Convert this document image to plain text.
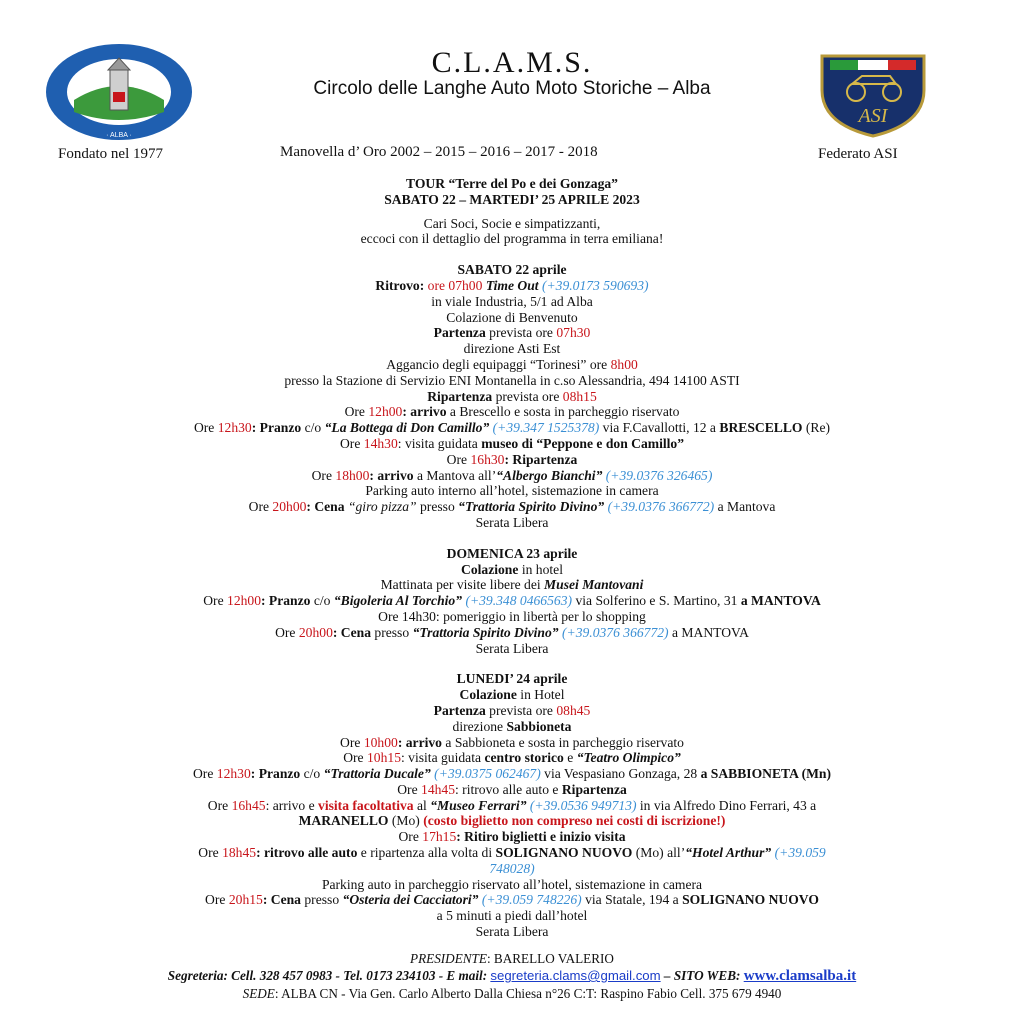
· ALBA ·
C.L.A.M.S.
Circolo delle Langhe Auto Moto Storiche – Alba
ASI
Fondato nel 1977	Manovella d’ Oro 2002 – 2015 – 2016 – 2017 - 2018	Federato ASI

TOUR “Terre del Po e dei Gonzaga”

SABATO 22 – MARTEDI’ 25 APRILE 2023

Cari Soci, Socie e simpatizzanti,

eccoci con il dettaglio del programma in terra emiliana!

SABATO 22 aprile

Ritrovo: ore 07h00 Time Out (+39.0173 590693)

in viale Industria, 5/1 ad Alba

Colazione di Benvenuto

Partenza prevista ore 07h30

direzione Asti Est

Aggancio degli equipaggi “Torinesi” ore 8h00

presso la Stazione di Servizio ENI Montanella in c.so Alessandria, 494 14100 ASTI

Ripartenza prevista ore 08h15

Ore 12h00: arrivo a Brescello e sosta in parcheggio riservato

Ore 12h30: Pranzo c/o “La Bottega di Don Camillo” (+39.347 1525378) via F.Cavallotti, 12 a BRESCELLO (Re)

Ore 14h30: visita guidata museo di “Peppone e don Camillo”

Ore 16h30: Ripartenza

Ore 18h00: arrivo a Mantova all’“Albergo Bianchi” (+39.0376 326465)

Parking auto interno all’hotel, sistemazione in camera

Ore 20h00: Cena “giro pizza” presso “Trattoria Spirito Divino” (+39.0376 366772) a Mantova

Serata Libera

DOMENICA 23 aprile

Colazione in hotel

Mattinata per visite libere dei Musei Mantovani

Ore 12h00: Pranzo c/o “Bigoleria Al Torchio” (+39.348 0466563) via Solferino e S. Martino, 31 a MANTOVA

Ore 14h30: pomeriggio in libertà per lo shopping

Ore 20h00: Cena presso “Trattoria Spirito Divino” (+39.0376 366772) a MANTOVA

Serata Libera

LUNEDI’ 24 aprile

Colazione in Hotel

Partenza prevista ore 08h45

direzione Sabbioneta

Ore 10h00: arrivo a Sabbioneta e sosta in parcheggio riservato

Ore 10h15: visita guidata centro storico e “Teatro Olimpico”

Ore 12h30: Pranzo c/o “Trattoria Ducale” (+39.0375 062467) via Vespasiano Gonzaga, 28 a SABBIONETA (Mn)

Ore 14h45: ritrovo alle auto e Ripartenza

Ore 16h45: arrivo e visita facoltativa al “Museo Ferrari” (+39.0536 949713) in via Alfredo Dino Ferrari, 43 a

MARANELLO (Mo) (costo biglietto non compreso nei costi di iscrizione!)

Ore 17h15: Ritiro biglietti e inizio visita

Ore 18h45: ritrovo alle auto e ripartenza alla volta di SOLIGNANO NUOVO (Mo) all’“Hotel Arthur” (+39.059

748028)

Parking auto in parcheggio riservato all’hotel, sistemazione in camera

Ore 20h15: Cena presso “Osteria dei Cacciatori” (+39.059 748226) via Statale, 194 a SOLIGNANO NUOVO

a 5 minuti a piedi dall’hotel

Serata Libera

PRESIDENTE: BARELLO VALERIO

Segreteria: Cell. 328 457 0983 - Tel. 0173 234103 - E mail: segreteria.clams@gmail.com – SITO WEB: www.clamsalba.it

SEDE: ALBA CN - Via Gen. Carlo Alberto Dalla Chiesa n°26 C:T: Raspino Fabio Cell. 375 679 4940
